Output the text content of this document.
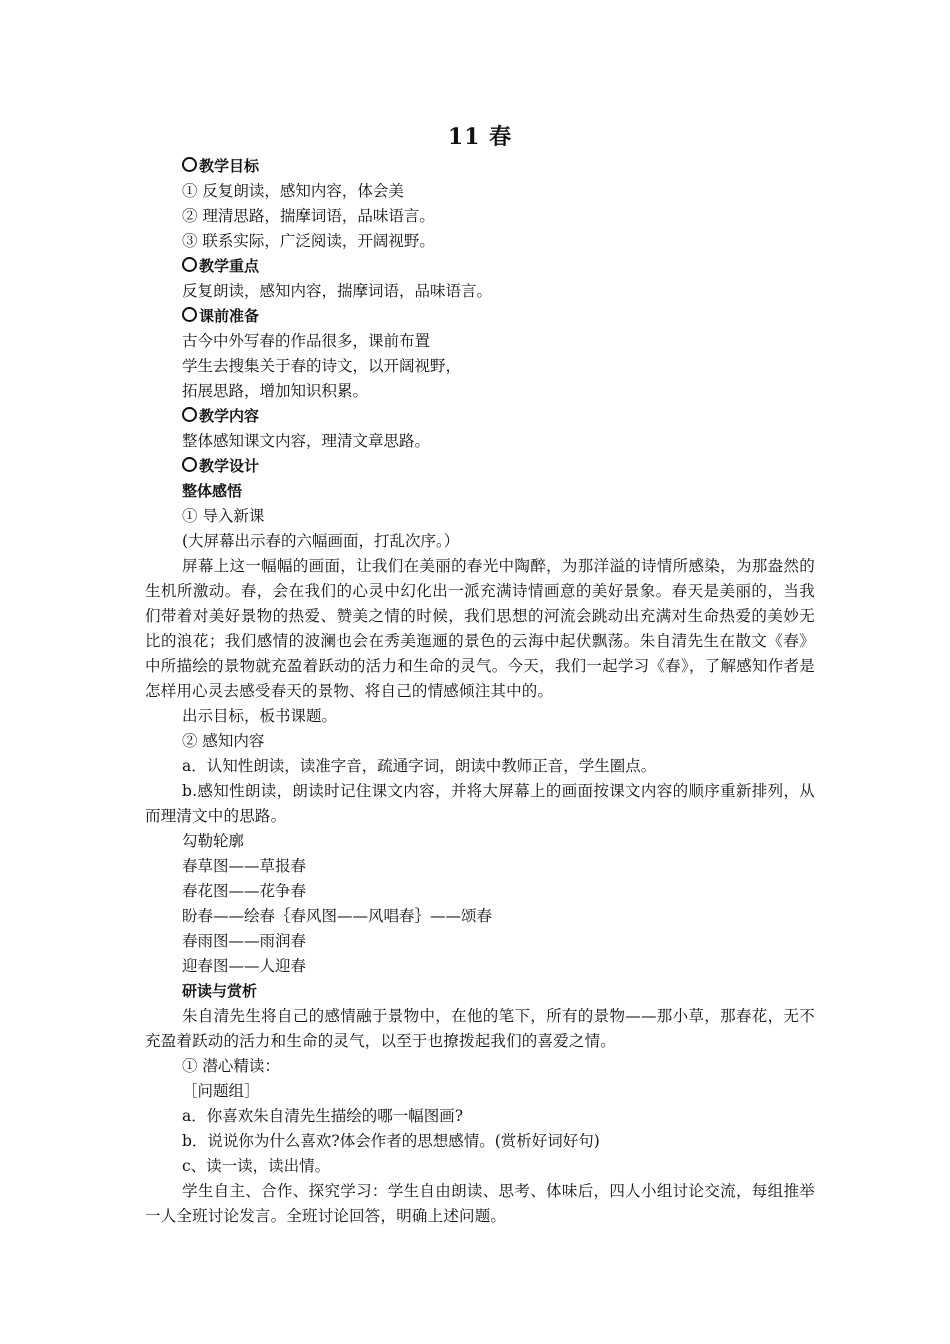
11 春

教学目标

① 反复朗读，感知内容，体会美

② 理清思路，揣摩词语，品味语言。

③ 联系实际，广泛阅读，开阔视野。

教学重点

反复朗读，感知内容，揣摩词语，品味语言。

课前准备

古今中外写春的作品很多，课前布置

学生去搜集关于春的诗文，以开阔视野，

拓展思路，增加知识积累。

教学内容

整体感知课文内容，理清文章思路。

教学设计

整体感悟

① 导入新课

(大屏幕出示春的六幅画面，打乱次序。）

屏幕上这一幅幅的画面，让我们在美丽的春光中陶醉，为那洋溢的诗情所感染，为那盎然的生机所激动。春，会在我们的心灵中幻化出一派充满诗情画意的美好景象。春天是美丽的，当我们带着对美好景物的热爱、赞美之情的时候，我们思想的河流会跳动出充满对生命热爱的美妙无比的浪花；我们感情的波澜也会在秀美迤逦的景色的云海中起伏飘荡。朱自清先生在散文《春》中所描绘的景物就充盈着跃动的活力和生命的灵气。今天，我们一起学习《春》，了解感知作者是怎样用心灵去感受春天的景物、将自己的情感倾注其中的。

出示目标，板书课题。

② 感知内容

a．认知性朗读，读准字音，疏通字词，朗读中教师正音，学生圈点。

b.感知性朗读，朗读时记住课文内容，并将大屏幕上的画面按课文内容的顺序重新排列，从而理清文中的思路。

勾勒轮廓

春草图——草报春

春花图——花争春

盼春——绘春｛春风图——风唱春｝——颂春

春雨图——雨润春

迎春图——人迎春

研读与赏析

朱自清先生将自己的感情融于景物中，在他的笔下，所有的景物——那小草，那春花，无不充盈着跃动的活力和生命的灵气，以至于也撩拨起我们的喜爱之情。

① 潜心精读：

［问题组］

a．你喜欢朱自清先生描绘的哪一幅图画?

b．说说你为什么喜欢?体会作者的思想感情。(赏析好词好句)

c、读一读，读出情。

学生自主、合作、探究学习：学生自由朗读、思考、体味后，四人小组讨论交流，每组推举一人全班讨论发言。全班讨论回答，明确上述问题。
